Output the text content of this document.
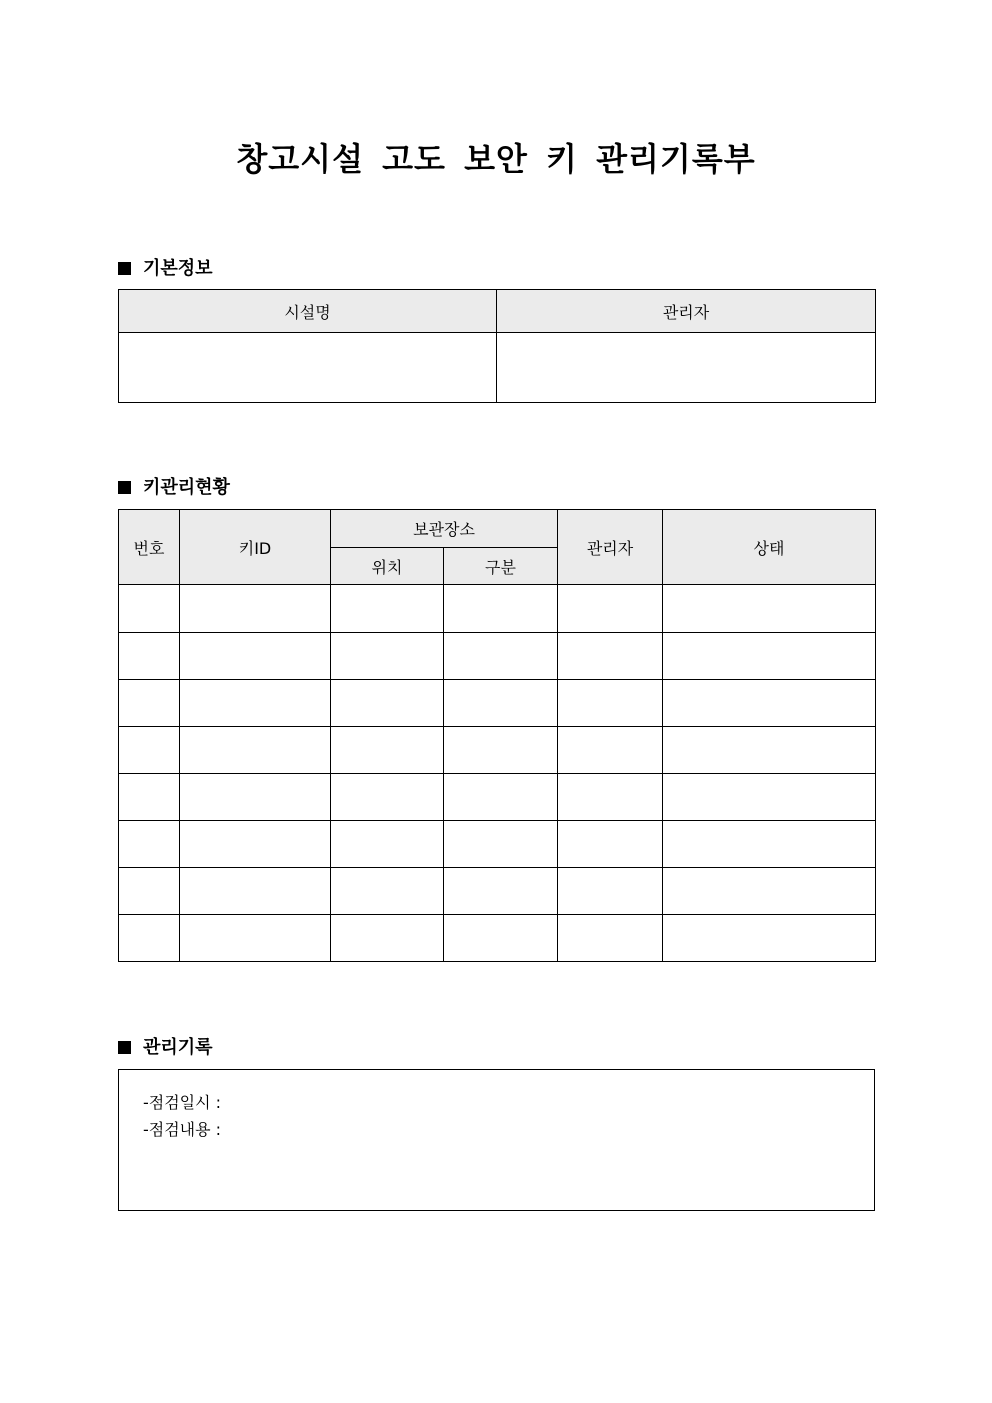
창고시설 고도 보안 키 관리기록부
기본정보
시설명	관리자

키관리현황
번호	키ID	보관장소		관리자	상태
		위치	구분		

관리기록
-점검일시 :
-점검내용 :
